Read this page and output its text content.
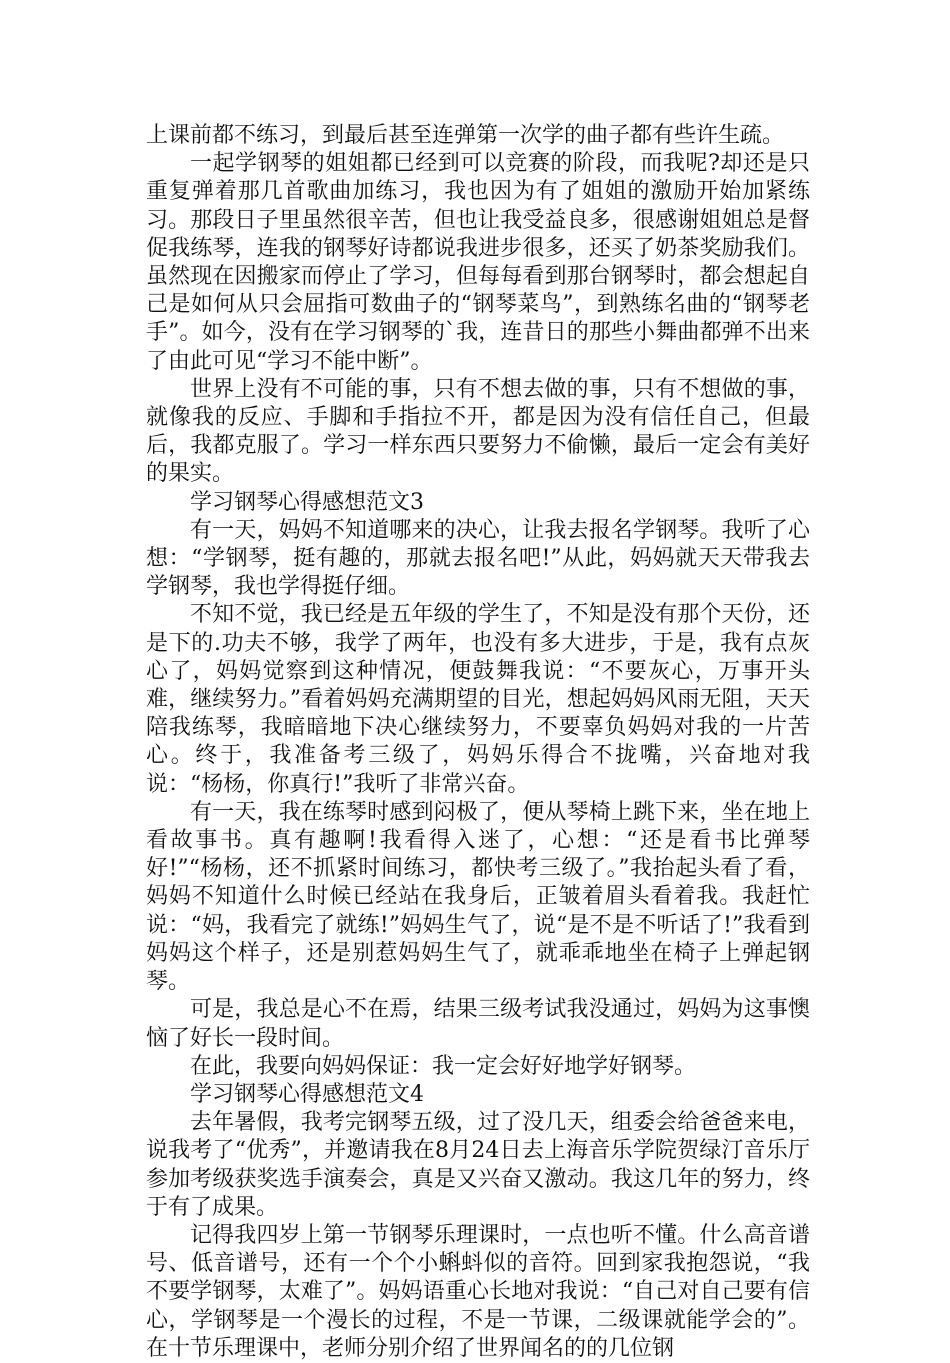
上课前都不练习，到最后甚至连弹第一次学的曲子都有些许生疏。

一起学钢琴的姐姐都已经到可以竞赛的阶段，而我呢?却还是只重复弹着那几首歌曲加练习，我也因为有了姐姐的激励开始加紧练习。那段日子里虽然很辛苦，但也让我受益良多，很感谢姐姐总是督促我练琴，连我的钢琴好诗都说我进步很多，还买了奶茶奖励我们。虽然现在因搬家而停止了学习，但每每看到那台钢琴时，都会想起自己是如何从只会屈指可数曲子的“钢琴菜鸟”，到熟练名曲的“钢琴老手”。如今，没有在学习钢琴的`我，连昔日的那些小舞曲都弹不出来了由此可见“学习不能中断”。

世界上没有不可能的事，只有不想去做的事，只有不想做的事，就像我的反应、手脚和手指拉不开，都是因为没有信任自己，但最后，我都克服了。学习一样东西只要努力不偷懒，最后一定会有美好的果实。

学习钢琴心得感想范文3

有一天，妈妈不知道哪来的决心，让我去报名学钢琴。我听了心想：“学钢琴，挺有趣的，那就去报名吧!”从此，妈妈就天天带我去学钢琴，我也学得挺仔细。

不知不觉，我已经是五年级的学生了，不知是没有那个天份，还是下的.功夫不够，我学了两年，也没有多大进步，于是，我有点灰心了，妈妈觉察到这种情况，便鼓舞我说：“不要灰心，万事开头难，继续努力。”看着妈妈充满期望的目光，想起妈妈风雨无阻，天天陪我练琴，我暗暗地下决心继续努力，不要辜负妈妈对我的一片苦心。终于，我准备考三级了，妈妈乐得合不拢嘴，兴奋地对我说：“杨杨，你真行!”我听了非常兴奋。

有一天，我在练琴时感到闷极了，便从琴椅上跳下来，坐在地上看故事书。真有趣啊!我看得入迷了，心想：“还是看书比弹琴好!”“杨杨，还不抓紧时间练习，都快考三级了。”我抬起头看了看，妈妈不知道什么时候已经站在我身后，正皱着眉头看着我。我赶忙说：“妈，我看完了就练!”妈妈生气了，说“是不是不听话了!”我看到妈妈这个样子，还是别惹妈妈生气了，就乖乖地坐在椅子上弹起钢琴。

可是，我总是心不在焉，结果三级考试我没通过，妈妈为这事懊恼了好长一段时间。

在此，我要向妈妈保证：我一定会好好地学好钢琴。

学习钢琴心得感想范文4

去年暑假，我考完钢琴五级，过了没几天，组委会给爸爸来电，说我考了“优秀”，并邀请我在8月24日去上海音乐学院贺绿汀音乐厅参加考级获奖选手演奏会，真是又兴奋又激动。我这几年的努力，终于有了成果。

记得我四岁上第一节钢琴乐理课时，一点也听不懂。什么高音谱号、低音谱号，还有一个个小蝌蚪似的音符。回到家我抱怨说，“我不要学钢琴，太难了”。妈妈语重心长地对我说：“自己对自己要有信心，学钢琴是一个漫长的过程，不是一节课，二级课就能学会的”。在十节乐理课中，老师分别介绍了世界闻名的的几位钢
